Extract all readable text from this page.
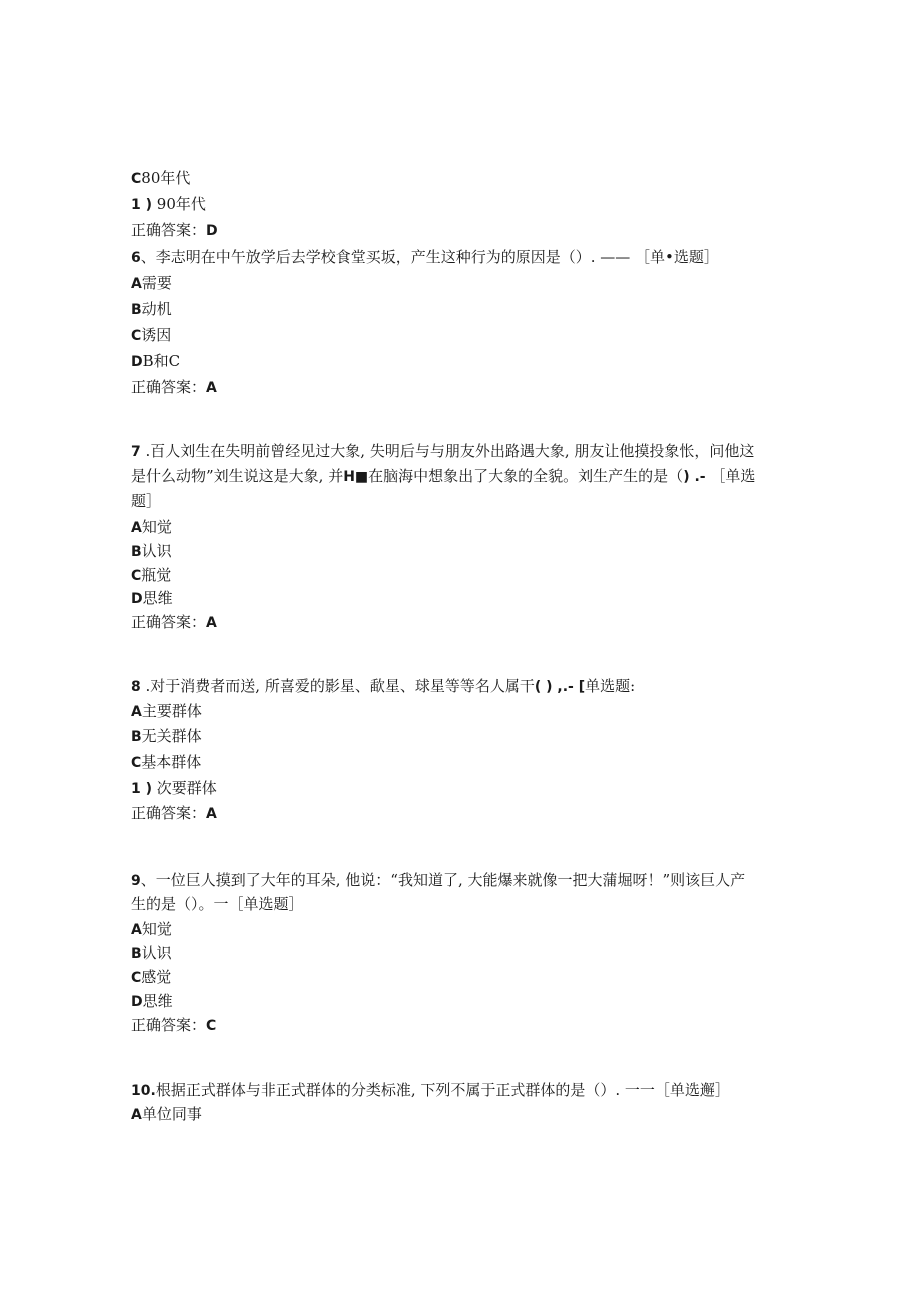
C80年代
1 ) 90年代
正确答案：D
6、李志明在中午放学后去学校食堂买坂，产生这种行为的原因是（）. —— ［单•选题］
A需要
B动机
C诱因
DB和C
正确答案：A
7 .百人刘生在失明前曾经见过大象, 失明后与与朋友外出路遇大象, 朋友让他摸投象怅，问他这
是什么动物”刘生说这是大象, 并H■在脑海中想象出了大象的全貌。刘生产生的是（) .- ［单选
题］
A知觉
B认识
C瓶觉
D思维
正确答案：A
8 .对于消费者而送, 所喜爱的影星、歃星、球星等等名人属干( ) ,.- [单选题:
A主要群体
B无关群体
C基本群体
1 ) 次要群体
正确答案：A
9、一位巨人摸到了大年的耳朵, 他说：“我知道了, 大能爆来就像一把大蒲堀呀！”则该巨人产
生的是（）。一［单选题］
A知觉
B认识
C感觉
D思维
正确答案：C
10.根据正式群体与非正式群体的分类标准, 下列不属于正式群体的是（）. 一一［单选邂］
A单位同事
